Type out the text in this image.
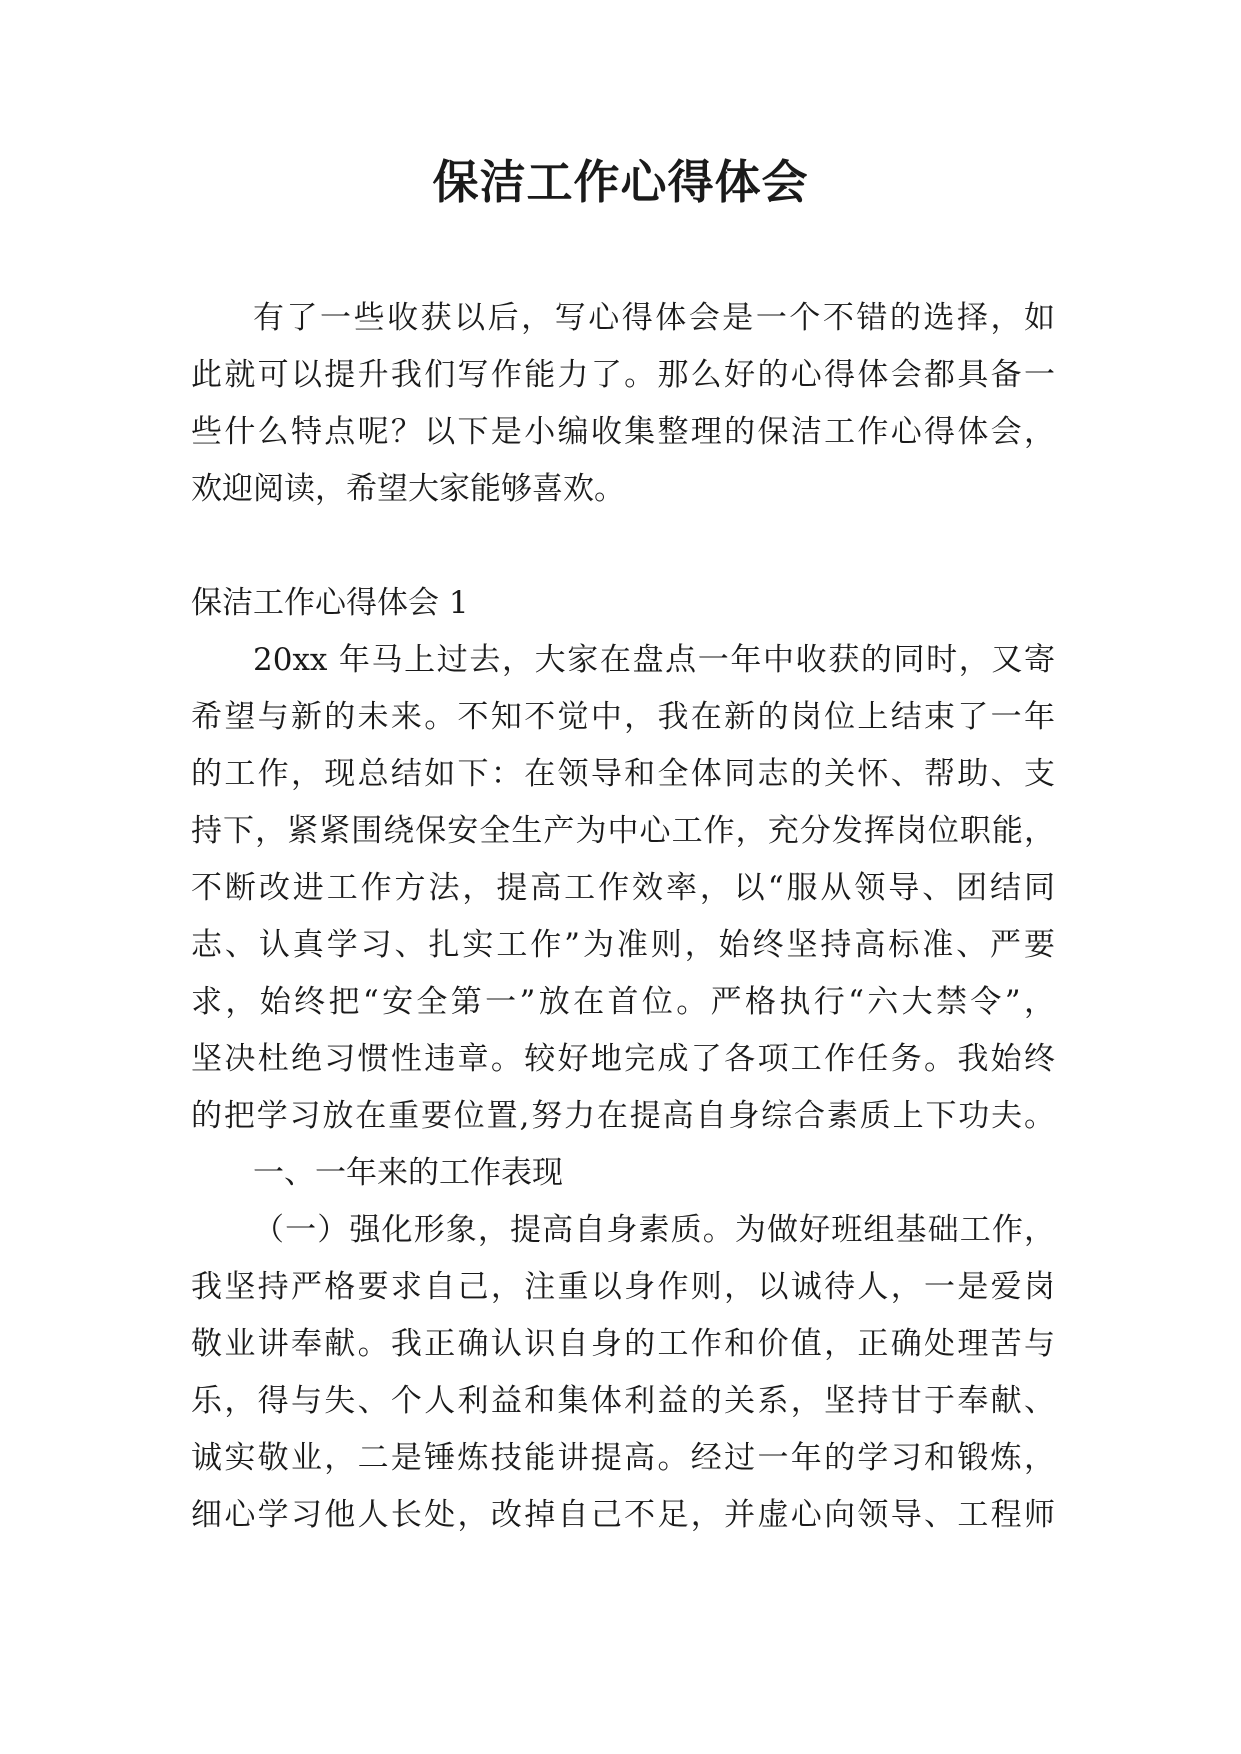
保洁工作心得体会
有了一些收获以后，写心得体会是一个不错的选择，如
此就可以提升我们写作能力了。那么好的心得体会都具备一
些什么特点呢？以下是小编收集整理的保洁工作心得体会，
欢迎阅读，希望大家能够喜欢。
保洁工作心得体会 1
20xx 年马上过去，大家在盘点一年中收获的同时，又寄
希望与新的未来。不知不觉中，我在新的岗位上结束了一年
的工作，现总结如下：在领导和全体同志的关怀、帮助、支
持下，紧紧围绕保安全生产为中心工作，充分发挥岗位职能，
不断改进工作方法，提高工作效率，以“服从领导、团结同
志、认真学习、扎实工作”为准则，始终坚持高标准、严要
求，始终把“安全第一”放在首位。严格执行“六大禁令”，
坚决杜绝习惯性违章。较好地完成了各项工作任务。我始终
的把学习放在重要位置,努力在提高自身综合素质上下功夫。
一、一年来的工作表现
（一）强化形象，提高自身素质。为做好班组基础工作，
我坚持严格要求自己，注重以身作则，以诚待人，一是爱岗
敬业讲奉献。我正确认识自身的工作和价值，正确处理苦与
乐，得与失、个人利益和集体利益的关系，坚持甘于奉献、
诚实敬业，二是锤炼技能讲提高。经过一年的学习和锻炼，
细心学习他人长处，改掉自己不足，并虚心向领导、工程师
